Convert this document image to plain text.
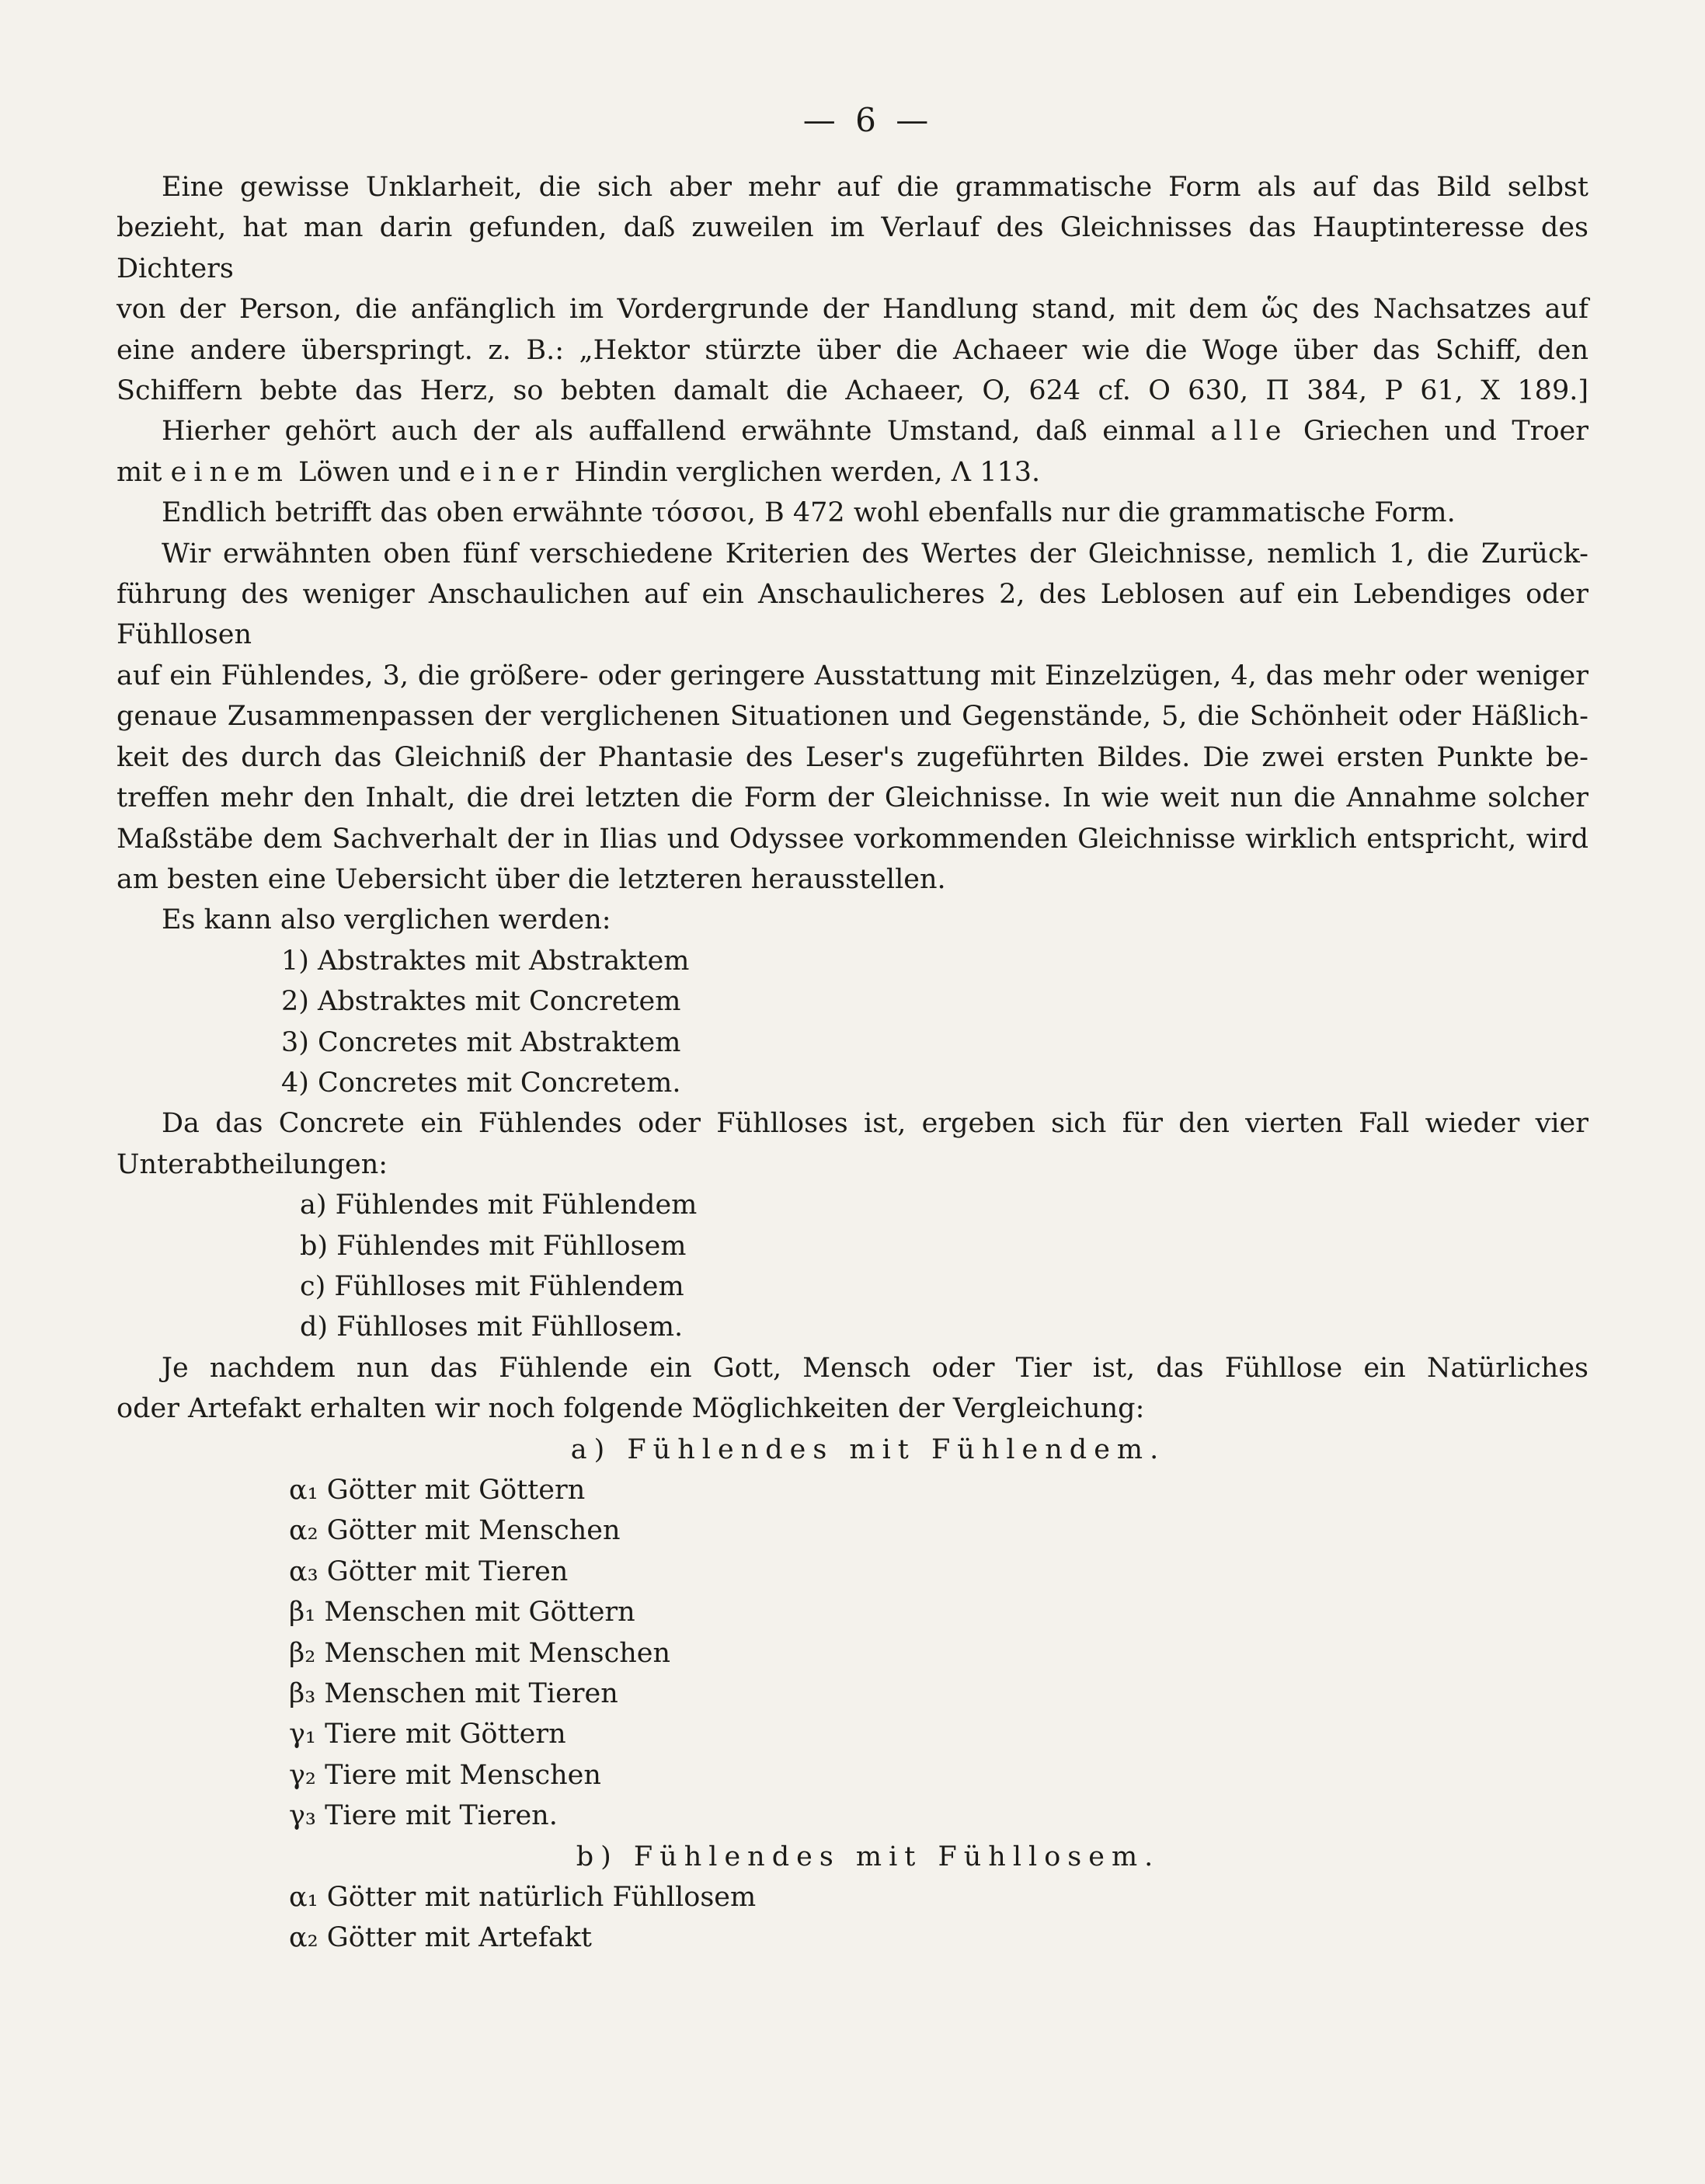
— 6 —
Eine gewisse Unklarheit, die sich aber mehr auf die grammatische Form als auf das Bild selbst
bezieht, hat man darin gefunden, daß zuweilen im Verlauf des Gleichnisses das Hauptinteresse des Dichters
von der Person, die anfänglich im Vordergrunde der Handlung stand, mit dem ὥς des Nachsatzes auf
eine andere überspringt. z. B.: „Hektor stürzte über die Achaeer wie die Woge über das Schiff, den
Schiffern bebte das Herz, so bebten damalt die Achaeer, O, 624 cf. O 630, Π 384, P 61, X 189.]
Hierher gehört auch der als auffallend erwähnte Umstand, daß einmal alle Griechen und Troer
mit einem Löwen und einer Hindin verglichen werden, Λ 113.
Endlich betrifft das oben erwähnte τόσσοι, B 472 wohl ebenfalls nur die grammatische Form.
Wir erwähnten oben fünf verschiedene Kriterien des Wertes der Gleichnisse, nemlich 1, die Zurück-
führung des weniger Anschaulichen auf ein Anschaulicheres 2, des Leblosen auf ein Lebendiges oder Fühllosen
auf ein Fühlendes, 3, die größere- oder geringere Ausstattung mit Einzelzügen, 4, das mehr oder weniger
genaue Zusammenpassen der verglichenen Situationen und Gegenstände, 5, die Schönheit oder Häßlich-
keit des durch das Gleichniß der Phantasie des Leser's zugeführten Bildes. Die zwei ersten Punkte be-
treffen mehr den Inhalt, die drei letzten die Form der Gleichnisse. In wie weit nun die Annahme solcher
Maßstäbe dem Sachverhalt der in Ilias und Odyssee vorkommenden Gleichnisse wirklich entspricht, wird
am besten eine Uebersicht über die letzteren herausstellen.
Es kann also verglichen werden:
1) Abstraktes mit Abstraktem
2) Abstraktes mit Concretem
3) Concretes mit Abstraktem
4) Concretes mit Concretem.
Da das Concrete ein Fühlendes oder Fühlloses ist, ergeben sich für den vierten Fall wieder vier
Unterabtheilungen:
a) Fühlendes mit Fühlendem
b) Fühlendes mit Fühllosem
c) Fühlloses mit Fühlendem
d) Fühlloses mit Fühllosem.
Je nachdem nun das Fühlende ein Gott, Mensch oder Tier ist, das Fühllose ein Natürliches
oder Artefakt erhalten wir noch folgende Möglichkeiten der Vergleichung:
a) Fühlendes mit Fühlendem.
α₁ Götter mit Göttern
α₂ Götter mit Menschen
α₃ Götter mit Tieren
β₁ Menschen mit Göttern
β₂ Menschen mit Menschen
β₃ Menschen mit Tieren
γ₁ Tiere mit Göttern
γ₂ Tiere mit Menschen
γ₃ Tiere mit Tieren.
b) Fühlendes mit Fühllosem.
α₁ Götter mit natürlich Fühllosem
α₂ Götter mit Artefakt
